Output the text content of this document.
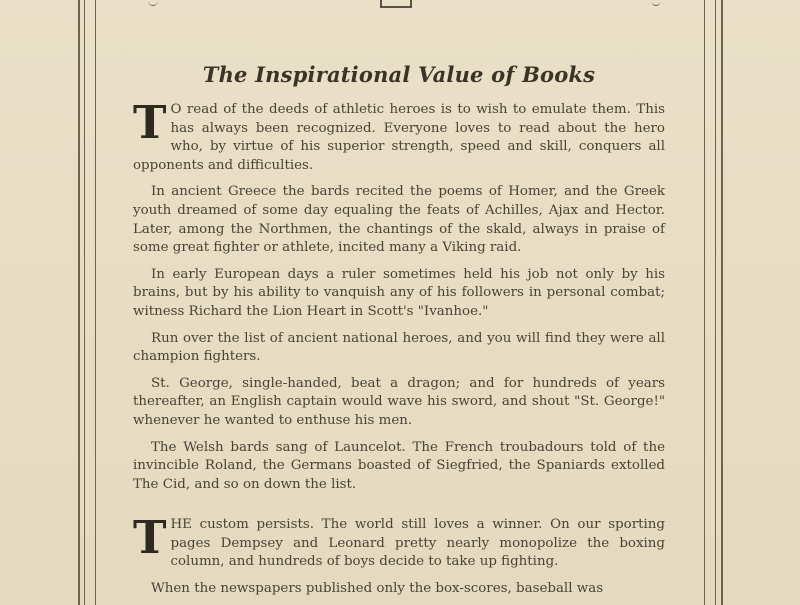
The Inspirational Value of Books

T O read of the deeds of athletic heroes is to wish to emulate them. This has always been recognized. Everyone loves to read about the hero who, by virtue of his superior strength, speed and skill, conquers all opponents and difficulties.

In ancient Greece the bards recited the poems of Homer, and the Greek youth dreamed of some day equaling the feats of Achilles, Ajax and Hector. Later, among the Northmen, the chantings of the skald, always in praise of some great fighter or athlete, incited many a Viking raid.

In early European days a ruler sometimes held his job not only by his brains, but by his ability to vanquish any of his followers in personal combat; witness Richard the Lion Heart in Scott's "Ivanhoe."

Run over the list of ancient national heroes, and you will find they were all champion fighters.

St. George, single-handed, beat a dragon; and for hundreds of years thereafter, an English captain would wave his sword, and shout "St. George!" whenever he wanted to enthuse his men.

The Welsh bards sang of Launcelot. The French troubadours told of the invincible Roland, the Germans boasted of Siegfried, the Spaniards extolled The Cid, and so on down the list.

THE custom persists. The world still loves a winner. On our sporting pages Dempsey and Leonard pretty nearly monopolize the boxing column, and hundreds of boys decide to take up fighting.

When the newspapers published only the box-scores, baseball was
